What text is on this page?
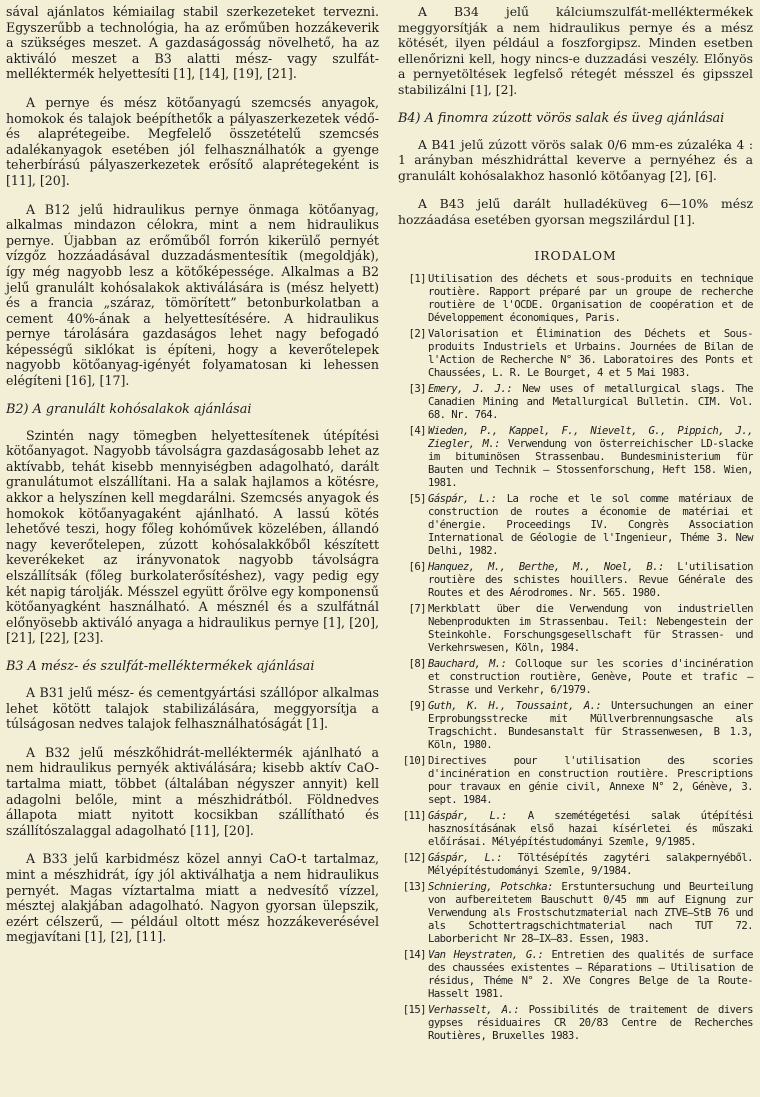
sával ajánlatos kémiailag stabil szerkezeteket tervezni. Egyszerűbb a technológia, ha az erőműben hozzákeverik a szükséges meszet. A gazdaságosság növelhető, ha az aktiváló meszet a B3 alatti mész- vagy szulfát-melléktermék helyettesíti [1], [14], [19], [21].

A pernye és mész kötőanyagú szemcsés anyagok, homokok és talajok beépíthetők a pályaszerkezetek védő- és alaprétegeibe. Megfelelő összetételű szemcsés adalékanyagok esetében jól felhasználhatók a gyenge teherbírású pályaszerkezetek erősítő alaprétegeként is [11], [20].

A B12 jelű hidraulikus pernye önmaga kötőanyag, alkalmas mindazon célokra, mint a nem hidraulikus pernye. Újabban az erőműből forrón kikerülő pernyét vízgőz hozzáadásával duzzadásmentesítik (megoldják), így még nagyobb lesz a kötőképessége. Alkalmas a B2 jelű granulált kohósalakok aktiválására is (mész helyett) és a francia „száraz, tömörített” betonburkolatban a cement 40%-ának a helyettesítésére. A hidraulikus pernye tárolására gazdaságos lehet nagy befogadó képességű siklókat is építeni, hogy a keverőtelepek nagyobb kötőanyag-igényét folyamatosan ki lehessen elégíteni [16], [17].

B2) A granulált kohósalakok ajánlásai

Szintén nagy tömegben helyettesítenek útépítési kötőanyagot. Nagyobb távolságra gazdaságosabb lehet az aktívabb, tehát kisebb mennyiségben adagolható, darált granulátumot elszállítani. Ha a salak hajlamos a kötésre, akkor a helyszínen kell megdarálni. Szemcsés anyagok és homokok kötőanyagaként ajánlható. A lassú kötés lehetővé teszi, hogy főleg kohóművek közelében, állandó nagy keverőtelepen, zúzott kohósalakkőből készített keverékeket az irányvonatok nagyobb távolságra elszállítsák (főleg burkolaterősítéshez), vagy pedig egy két napig tárolják. Mésszel együtt őrölve egy komponensű kötőanyagként használható. A mésznél és a szulfátnál előnyösebb aktiváló anyaga a hidraulikus pernye [1], [20], [21], [22], [23].

B3 A mész- és szulfát-melléktermékek ajánlásai

A B31 jelű mész- és cementgyártási szállópor alkalmas lehet kötött talajok stabilizálására, meggyorsítja a túlságosan nedves talajok felhasználhatóságát [1].

A B32 jelű mészkőhidrát-melléktermék ajánlható a nem hidraulikus pernyék aktiválására; kisebb aktív CaO-tartalma miatt, többet (általában négyszer annyit) kell adagolni belőle, mint a mészhidrátból. Földnedves állapota miatt nyitott kocsikban szállítható és szállítószalaggal adagolható [11], [20].

A B33 jelű karbidmész közel annyi CaO-t tartalmaz, mint a mészhidrát, így jól aktiválhatja a nem hidraulikus pernyét. Magas víztartalma miatt a nedvesítő vízzel, mésztej alakjában adagolható. Nagyon gyorsan ülepszik, ezért célszerű, — például oltott mész hozzákeverésével megjavítani [1], [2], [11].

A B34 jelű kálciumszulfát-melléktermékek meggyorsítják a nem hidraulikus pernye és a mész kötését, ilyen például a foszforgipsz. Minden esetben ellenőrizni kell, hogy nincs-e duzzadási veszély. Előnyös a pernyetöltések legfelső rétegét mésszel és gipsszel stabilizálni [1], [2].

B4) A finomra zúzott vörös salak és üveg ajánlásai

A B41 jelű zúzott vörös salak 0/6 mm-es zúzaléka 4 : 1 arányban mészhidráttal keverve a pernyéhez és a granulált kohósalakhoz hasonló kötőanyag [2], [6].

A B43 jelű darált hulladéküveg 6—10% mész hozzáadása esetében gyorsan megszilárdul [1].

IRODALOM
[1] Utilisation des déchets et sous-produits en technique routière. Rapport préparé par un groupe de recherche routière de l'OCDE. Organisation de coopération et de Développement économiques, Paris.
[2] Valorisation et Élimination des Déchets et Sous-produits Industriels et Urbains. Journées de Bilan de l'Action de Recherche N° 36. Laboratoires des Ponts et Chaussées, L. R. Le Bourget, 4 et 5 Mai 1983.
[3] Emery, J. J.: New uses of metallurgical slags. The Canadien Mining and Metallurgical Bulletin. CIM. Vol. 68. Nr. 764.
[4] Wieden, P., Kappel, F., Nievelt, G., Pippich, J., Ziegler, M.: Verwendung von österreichischer LD-slacke im bituminösen Strassenbau. Bundesministerium für Bauten und Technik — Stossenforschung, Heft 158. Wien, 1981.
[5] Gáspár, L.: La roche et le sol comme matériaux de construction de routes a économie de matériai et d'énergie. Proceedings IV. Congrès Association International de Géologie de l'Ingenieur, Théme 3. New Delhi, 1982.
[6] Hanquez, M., Berthe, M., Noel, B.: L'utilisation routière des schistes houillers. Revue Générale des Routes et des Aérodromes. Nr. 565. 1980.
[7] Merkblatt über die Verwendung von industriellen Nebenprodukten im Strassenbau. Teil: Nebengestein der Steinkohle. Forschungsgesellschaft für Strassen- und Verkehrswesen, Köln, 1984.
[8] Bauchard, M.: Colloque sur les scories d'incinération et construction routière, Genève, Poute et trafic — Strasse und Verkehr, 6/1979.
[9] Guth, K. H., Toussaint, A.: Untersuchungen an einer Erprobungsstrecke mit Müllverbrennungsasche als Tragschicht. Bundesanstalt für Strassenwesen, B 1.3, Köln, 1980.
[10] Directives pour l'utilisation des scories d'incinération en construction routière. Prescriptions pour travaux en génie civil, Annexe N° 2, Génève, 3. sept. 1984.
[11] Gáspár, L.: A szemétégetési salak útépítési hasznosításának első hazai kísérletei és műszaki előírásai. Mélyépítéstudományi Szemle, 9/1985.
[12] Gáspár, L.: Töltésépítés zagytéri salakpernyéből. Mélyépítéstudományi Szemle, 9/1984.
[13] Schniering, Potschka: Erstuntersuchung und Beurteilung von aufbereitetem Bauschutt 0/45 mm auf Eignung zur Verwendung als Frostschutzmaterial nach ZTVE—StB 76 und als Schottertragschichtmaterial nach TUT 72. Laborbericht Nr 28—IX—83. Essen, 1983.
[14] Van Heystraten, G.: Entretien des qualités de surface des chaussées existentes — Réparations — Utilisation de résidus, Théme N° 2. XVe Congres Belge de la Route-Hasselt 1981.
[15] Verhasselt, A.: Possibilités de traitement de divers gypses résiduaires CR 20/83 Centre de Recherches Routières, Bruxelles 1983.
